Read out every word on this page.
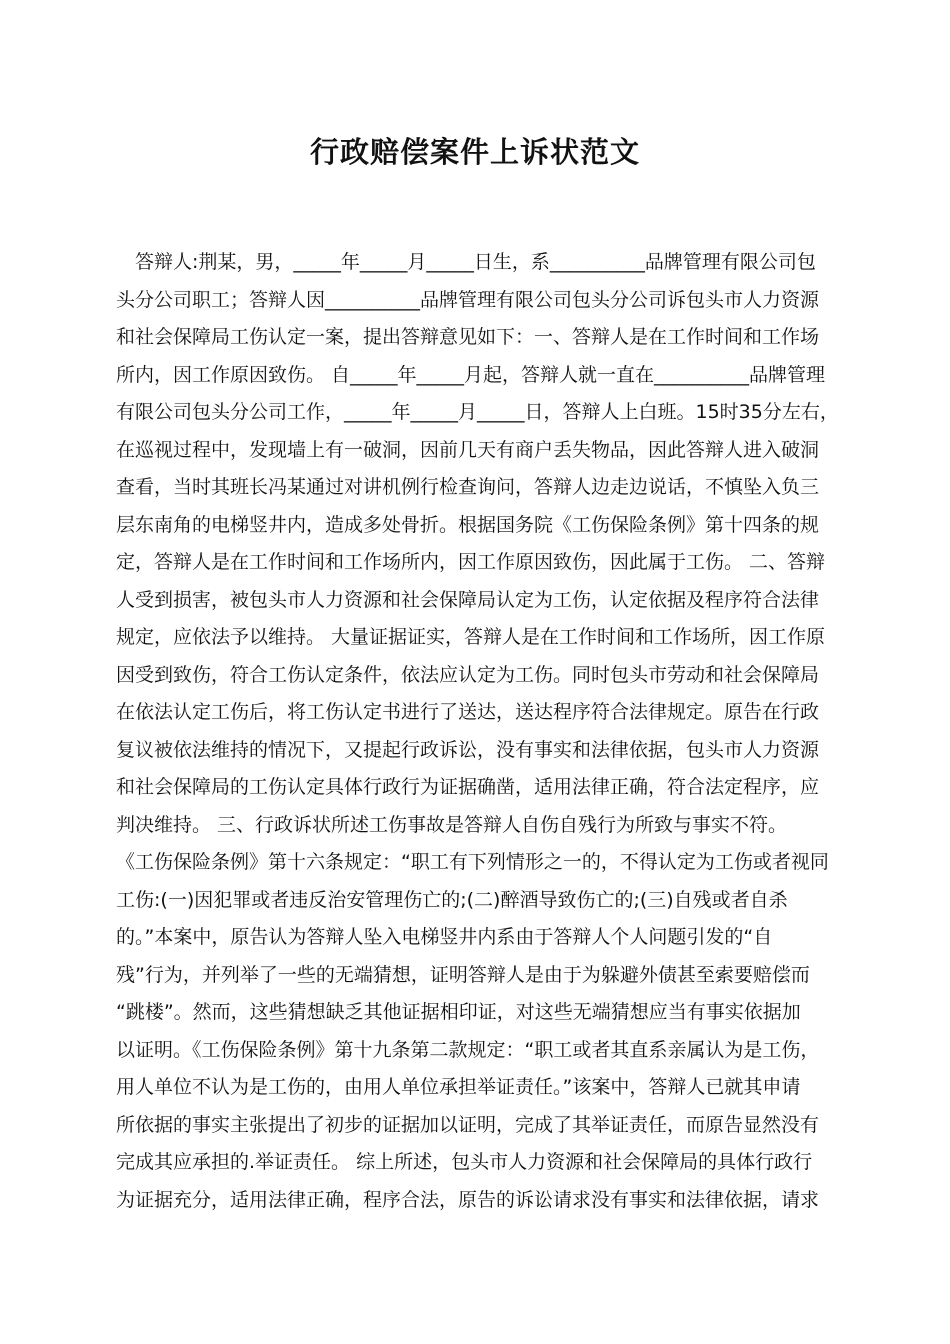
行政赔偿案件上诉状范文
　答辩人:荆某，男，_____年_____月_____日生，系__________品牌管理有限公司包
头分公司职工；答辩人因__________品牌管理有限公司包头分公司诉包头市人力资源
和社会保障局工伤认定一案，提出答辩意见如下：一、答辩人是在工作时间和工作场
所内，因工作原因致伤。 自_____年_____月起，答辩人就一直在__________品牌管理
有限公司包头分公司工作，_____年_____月_____日，答辩人上白班。15时35分左右，
在巡视过程中，发现墙上有一破洞，因前几天有商户丢失物品，因此答辩人进入破洞
查看，当时其班长冯某通过对讲机例行检查询问，答辩人边走边说话，不慎坠入负三
层东南角的电梯竖井内，造成多处骨折。根据国务院《工伤保险条例》第十四条的规
定，答辩人是在工作时间和工作场所内，因工作原因致伤，因此属于工伤。 二、答辩
人受到损害，被包头市人力资源和社会保障局认定为工伤，认定依据及程序符合法律
规定，应依法予以维持。 大量证据证实，答辩人是在工作时间和工作场所，因工作原
因受到致伤，符合工伤认定条件，依法应认定为工伤。同时包头市劳动和社会保障局
在依法认定工伤后，将工伤认定书进行了送达，送达程序符合法律规定。原告在行政
复议被依法维持的情况下，又提起行政诉讼，没有事实和法律依据，包头市人力资源
和社会保障局的工伤认定具体行政行为证据确凿，适用法律正确，符合法定程序，应
判决维持。 三、行政诉状所述工伤事故是答辩人自伤自残行为所致与事实不符。
《工伤保险条例》第十六条规定：“职工有下列情形之一的，不得认定为工伤或者视同
工伤:(一)因犯罪或者违反治安管理伤亡的;(二)醉酒导致伤亡的;(三)自残或者自杀
的。”本案中，原告认为答辩人坠入电梯竖井内系由于答辩人个人问题引发的“自
残”行为，并列举了一些的无端猜想，证明答辩人是由于为躲避外债甚至索要赔偿而
“跳楼”。然而，这些猜想缺乏其他证据相印证，对这些无端猜想应当有事实依据加
以证明。《工伤保险条例》第十九条第二款规定：“职工或者其直系亲属认为是工伤，
用人单位不认为是工伤的，由用人单位承担举证责任。”该案中，答辩人已就其申请
所依据的事实主张提出了初步的证据加以证明，完成了其举证责任，而原告显然没有
完成其应承担的.举证责任。 综上所述，包头市人力资源和社会保障局的具体行政行
为证据充分，适用法律正确，程序合法，原告的诉讼请求没有事实和法律依据，请求
